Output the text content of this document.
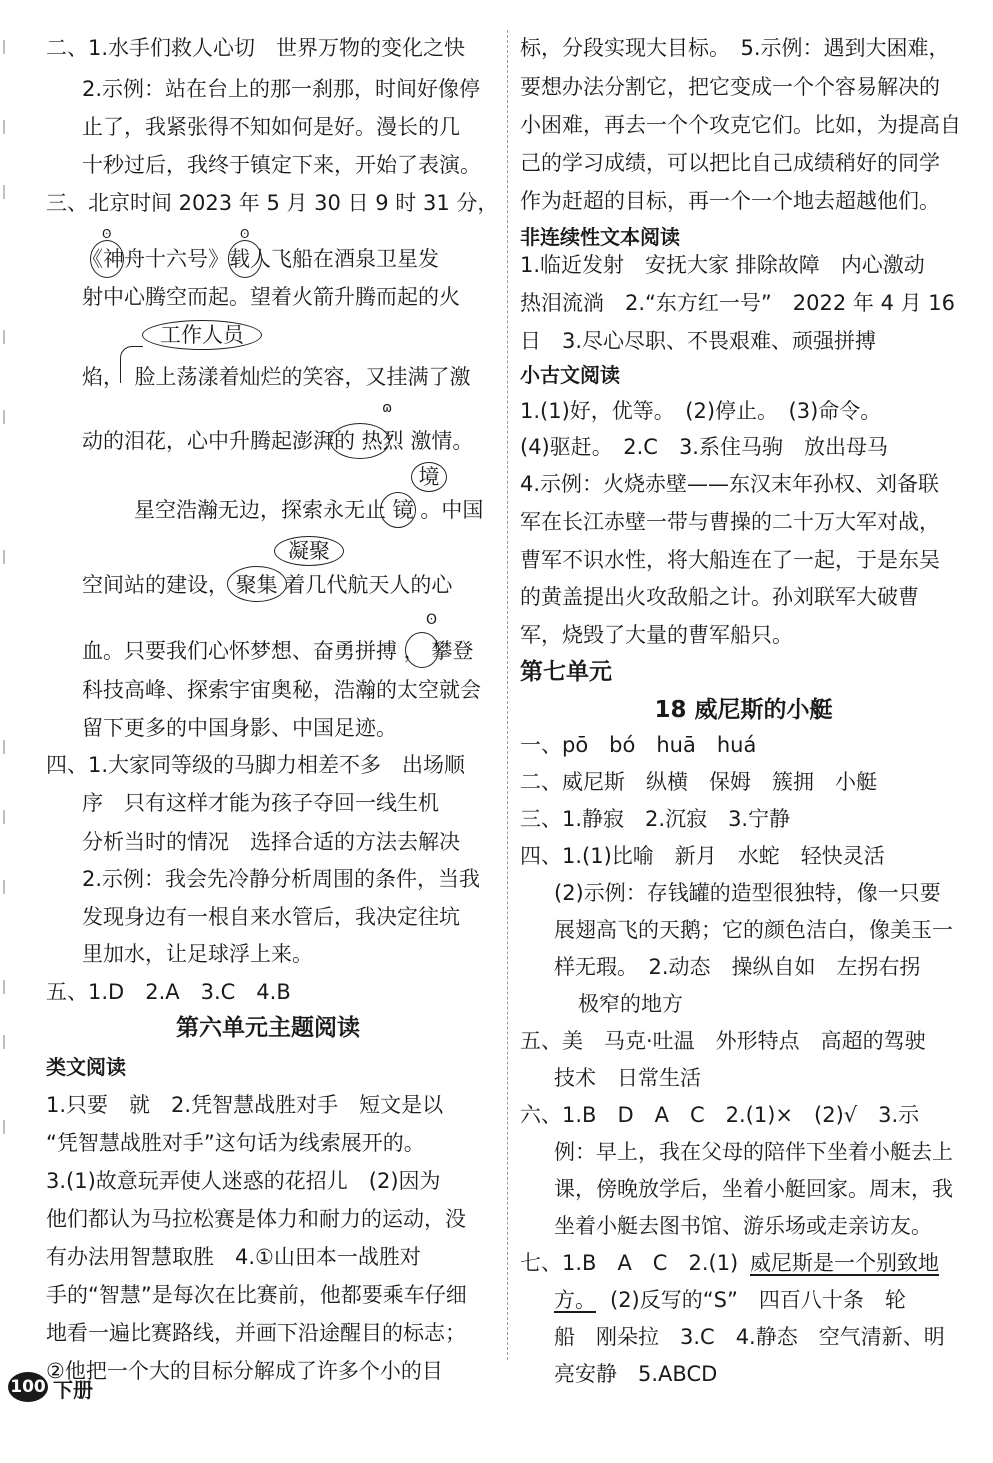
二、1.水手们救人心切　世界万物的变化之快
2.示例：站在台上的那一刹那，时间好像停
止了，我紧张得不知如何是好。漫长的几
十秒过后，我终于镇定下来，开始了表演。
三、北京时间 2023 年 5 月 30 日 9 时 31 分，
《神舟十六号》载人飞船在酒泉卫星发
射中心腾空而起。望着火箭升腾而起的火
焰，　脸上荡漾着灿烂的笑容，又挂满了激
动的泪花，心中升腾起澎湃的 热烈 激情。
星空浩瀚无边，探索永无止 镜 。中国
空间站的建设， 聚集 着几代航天人的心
血。只要我们心怀梦想、奋勇拼搏 ， 攀登
科技高峰、探索宇宙奥秘，浩瀚的太空就会
留下更多的中国身影、中国足迹。
四、1.大家同等级的马脚力相差不多　出场顺
序　只有这样才能为孩子夺回一线生机
分析当时的情况　选择合适的方法去解决
2.示例：我会先冷静分析周围的条件，当我
发现身边有一根自来水管后，我决定往坑
里加水，让足球浮上来。
五、1.D　2.A　3.C　4.B
第六单元主题阅读
类文阅读
1.只要　就　2.凭智慧战胜对手　短文是以
“凭智慧战胜对手”这句话为线索展开的。
3.(1)故意玩弄使人迷惑的花招儿　(2)因为
他们都认为马拉松赛是体力和耐力的运动，没
有办法用智慧取胜　4.①山田本一战胜对
手的“智慧”是每次在比赛前，他都要乘车仔细
地看一遍比赛路线，并画下沿途醒目的标志；
②他把一个大的目标分解成了许多个小的目
ʘ	ʘ
工作人员
ɷ
境
凝聚
ʘ
标，分段实现大目标。　5.示例：遇到大困难，
要想办法分割它，把它变成一个个容易解决的
小困难，再去一个个攻克它们。比如，为提高自
己的学习成绩，可以把比自己成绩稍好的同学
作为赶超的目标，再一个一个地去超越他们。
非连续性文本阅读
1.临近发射　安抚大家 排除故障　内心激动
热泪流淌　2.“东方红一号”　2022 年 4 月 16
日　3.尽心尽职、不畏艰难、顽强拼搏
小古文阅读
1.(1)好，优等。　(2)停止。　(3)命令。
(4)驱赶。　2.C　3.系住马驹　放出母马
4.示例：火烧赤壁——东汉末年孙权、刘备联
军在长江赤壁一带与曹操的二十万大军对战，
曹军不识水性，将大船连在了一起，于是东吴
的黄盖提出火攻敌船之计。孙刘联军大破曹
军，烧毁了大量的曹军船只。
第七单元
18 威尼斯的小艇
一、pō　bó　huā　huá
二、威尼斯　纵横　保姆　簇拥　小艇
三、1.静寂　2.沉寂　3.宁静
四、1.(1)比喻　新月　水蛇　轻快灵活
(2)示例：存钱罐的造型很独特，像一只要
展翅高飞的天鹅；它的颜色洁白，像美玉一
样无瑕。　2.动态　操纵自如　左拐右拐
极窄的地方
五、美　马克·吐温　外形特点　高超的驾驶
技术　日常生活
六、1.B　D　A　C　2.(1)×　(2)√　3.示
例：早上，我在父母的陪伴下坐着小艇去上
课，傍晚放学后，坐着小艇回家。周末，我
坐着小艇去图书馆、游乐场或走亲访友。
七、1.B　A　C　2.(1) 威尼斯是一个别致地
方。 (2)反写的“S”　四百八十条　轮
船　刚朵拉　3.C　4.静态　空气清新、明
亮安静　5.ABCD
100 下册
